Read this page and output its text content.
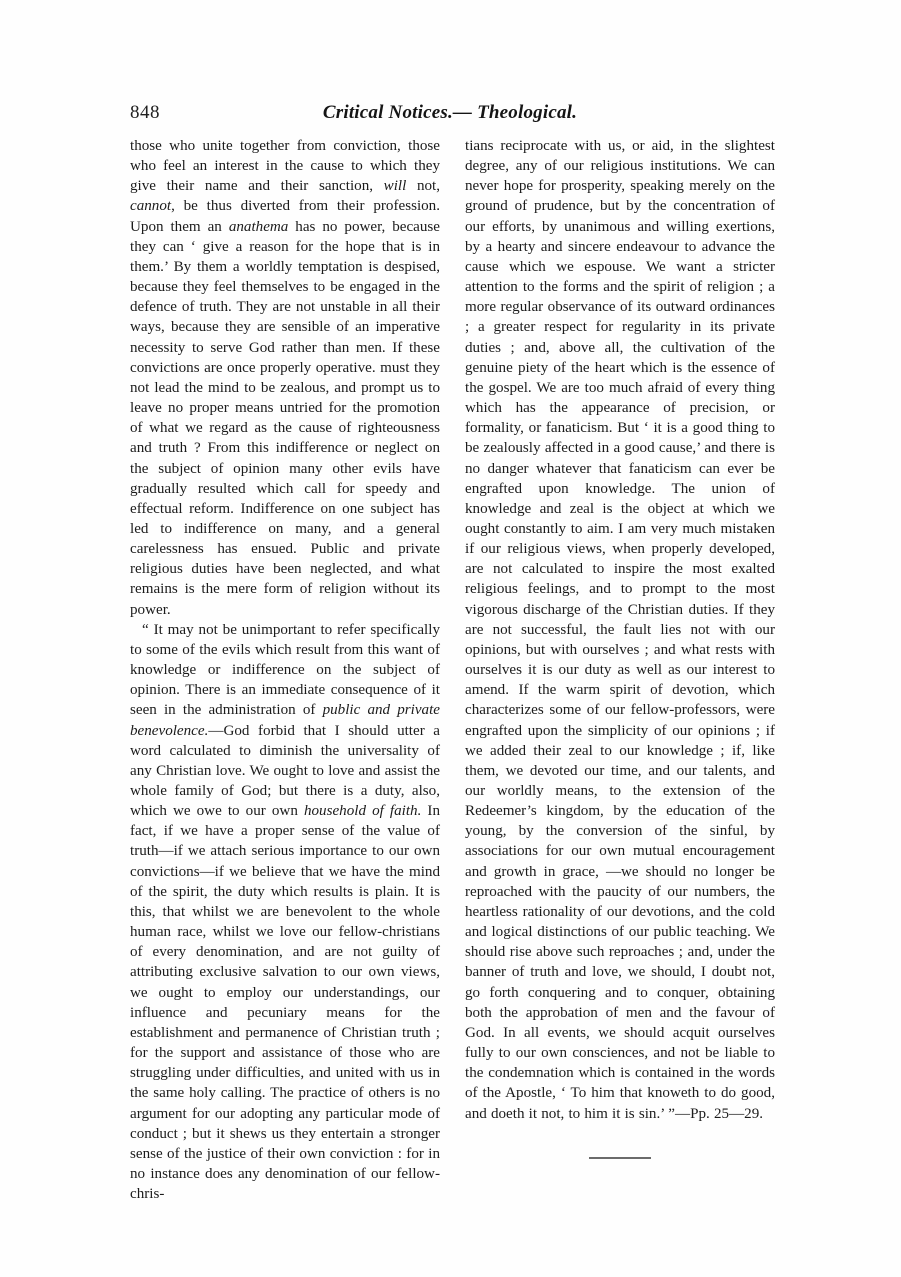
848	Critical Notices.— Theological.

those who unite together from conviction, those who feel an interest in the cause to which they give their name and their sanction, will not, cannot, be thus diverted from their profession. Upon them an anathema has no power, because they can ‘ give a reason for the hope that is in them.’ By them a worldly temptation is despised, because they feel themselves to be engaged in the defence of truth. They are not unstable in all their ways, because they are sensible of an imperative necessity to serve God rather than men. If these convictions are once properly operative. must they not lead the mind to be zealous, and prompt us to leave no proper means untried for the promotion of what we regard as the cause of righteousness and truth ? From this indifference or neglect on the subject of opinion many other evils have gradually resulted which call for speedy and effectual reform. Indifference on one subject has led to indifference on many, and a general carelessness has ensued. Public and private religious duties have been neglected, and what remains is the mere form of religion without its power.

“ It may not be unimportant to refer specifically to some of the evils which result from this want of knowledge or indifference on the subject of opinion. There is an immediate consequence of it seen in the administration of public and private benevolence.—God forbid that I should utter a word calculated to diminish the universality of any Christian love. We ought to love and assist the whole family of God; but there is a duty, also, which we owe to our own household of faith. In fact, if we have a proper sense of the value of truth—if we attach serious importance to our own convictions—if we believe that we have the mind of the spirit, the duty which results is plain. It is this, that whilst we are benevolent to the whole human race, whilst we love our fellow-christians of every denomination, and are not guilty of attributing exclusive salvation to our own views, we ought to employ our understandings, our influence and pecuniary means for the establishment and permanence of Christian truth ; for the support and assistance of those who are struggling under difficulties, and united with us in the same holy calling. The practice of others is no argument for our adopting any particular mode of conduct ; but it shews us they entertain a stronger sense of the justice of their own conviction : for in no instance does any denomination of our fellow-chris-

tians reciprocate with us, or aid, in the slightest degree, any of our religious institutions. We can never hope for prosperity, speaking merely on the ground of prudence, but by the concentration of our efforts, by unanimous and willing exertions, by a hearty and sincere endeavour to advance the cause which we espouse. We want a stricter attention to the forms and the spirit of religion ; a more regular observance of its outward ordinances ; a greater respect for regularity in its private duties ; and, above all, the cultivation of the genuine piety of the heart which is the essence of the gospel. We are too much afraid of every thing which has the appearance of precision, or formality, or fanaticism. But ‘ it is a good thing to be zealously affected in a good cause,’ and there is no danger whatever that fanaticism can ever be engrafted upon knowledge. The union of knowledge and zeal is the object at which we ought constantly to aim. I am very much mistaken if our religious views, when properly developed, are not calculated to inspire the most exalted religious feelings, and to prompt to the most vigorous discharge of the Christian duties. If they are not successful, the fault lies not with our opinions, but with ourselves ; and what rests with ourselves it is our duty as well as our interest to amend. If the warm spirit of devotion, which characterizes some of our fellow-professors, were engrafted upon the simplicity of our opinions ; if we added their zeal to our knowledge ; if, like them, we devoted our time, and our talents, and our worldly means, to the extension of the Redeemer’s kingdom, by the education of the young, by the conversion of the sinful, by associations for our own mutual encouragement and growth in grace, —we should no longer be reproached with the paucity of our numbers, the heartless rationality of our devotions, and the cold and logical distinctions of our public teaching. We should rise above such reproaches ; and, under the banner of truth and love, we should, I doubt not, go forth conquering and to conquer, obtaining both the approbation of men and the favour of God. In all events, we should acquit ourselves fully to our own consciences, and not be liable to the condemnation which is contained in the words of the Apostle, ‘ To him that knoweth to do good, and doeth it not, to him it is sin.’ ”—Pp. 25—29.
